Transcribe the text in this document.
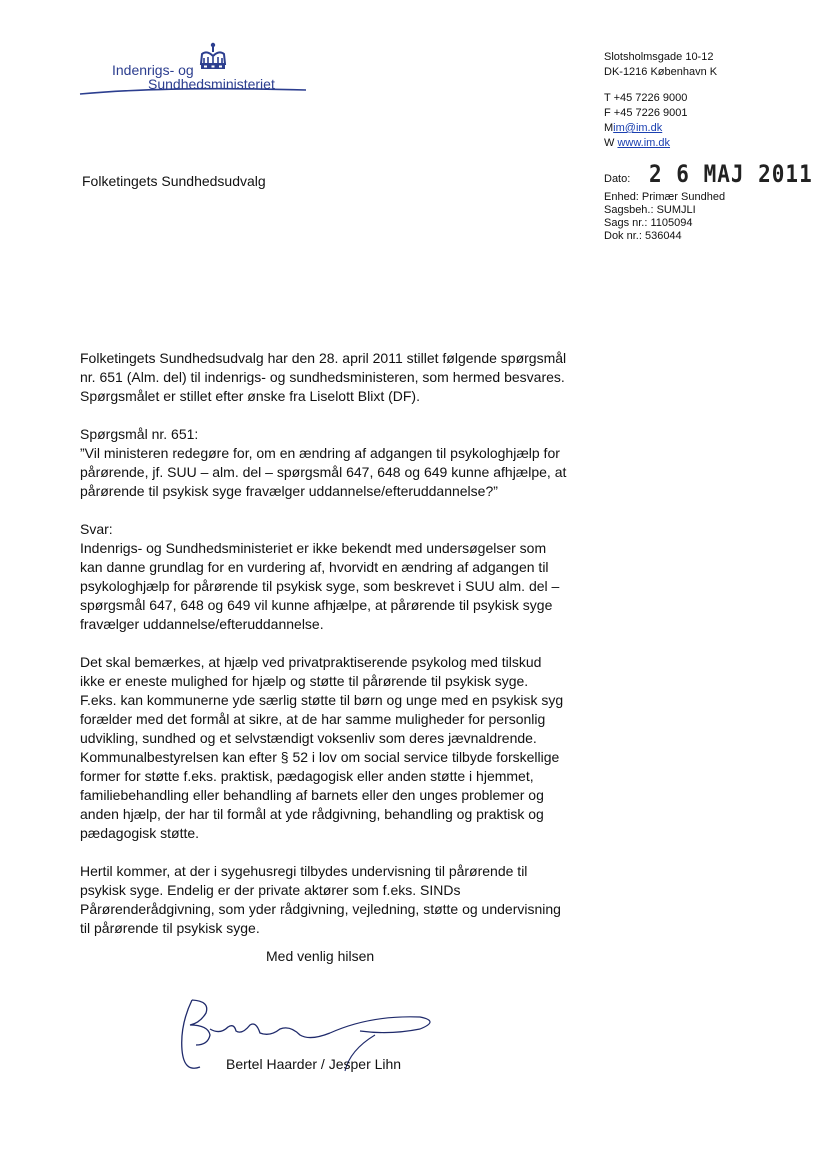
Indenrigs- og
Sundhedsministeriet
Slotsholmsgade 10-12
DK-1216 København K
T +45 7226 9000
F +45 7226 9001
Mim@im.dk
W www.im.dk
Folketingets Sundhedsudvalg	Dato: 2 6 MAJ 2011
Enhed: Primær Sundhed
Sagsbeh.: SUMJLI
Sags nr.: 1105094
Dok nr.: 536044

Folketingets Sundhedsudvalg har den 28. april 2011 stillet følgende spørgsmål
nr. 651 (Alm. del) til indenrigs- og sundhedsministeren, som hermed besvares.
Spørgsmålet er stillet efter ønske fra Liselott Blixt (DF).

Spørgsmål nr. 651:
”Vil ministeren redegøre for, om en ændring af adgangen til psykologhjælp for
pårørende, jf. SUU – alm. del – spørgsmål 647, 648 og 649 kunne afhjælpe, at
pårørende til psykisk syge fravælger uddannelse/efteruddannelse?”

Svar:
Indenrigs- og Sundhedsministeriet er ikke bekendt med undersøgelser som
kan danne grundlag for en vurdering af, hvorvidt en ændring af adgangen til
psykologhjælp for pårørende til psykisk syge, som beskrevet i SUU alm. del –
spørgsmål 647, 648 og 649 vil kunne afhjælpe, at pårørende til psykisk syge
fravælger uddannelse/efteruddannelse.

Det skal bemærkes, at hjælp ved privatpraktiserende psykolog med tilskud
ikke er eneste mulighed for hjælp og støtte til pårørende til psykisk syge.
F.eks. kan kommunerne yde særlig støtte til børn og unge med en psykisk syg
forælder med det formål at sikre, at de har samme muligheder for personlig
udvikling, sundhed og et selvstændigt voksenliv som deres jævnaldrende.
Kommunalbestyrelsen kan efter § 52 i lov om social service tilbyde forskellige
former for støtte f.eks. praktisk, pædagogisk eller anden støtte i hjemmet,
familiebehandling eller behandling af barnets eller den unges problemer og
anden hjælp, der har til formål at yde rådgivning, behandling og praktisk og
pædagogisk støtte.

Hertil kommer, at der i sygehusregi tilbydes undervisning til pårørende til
psykisk syge. Endelig er der private aktører som f.eks. SINDs
Pårørenderådgivning, som yder rådgivning, vejledning, støtte og undervisning
til pårørende til psykisk syge.

Med venlig hilsen
Bertel Haarder / Jesper Lihn
